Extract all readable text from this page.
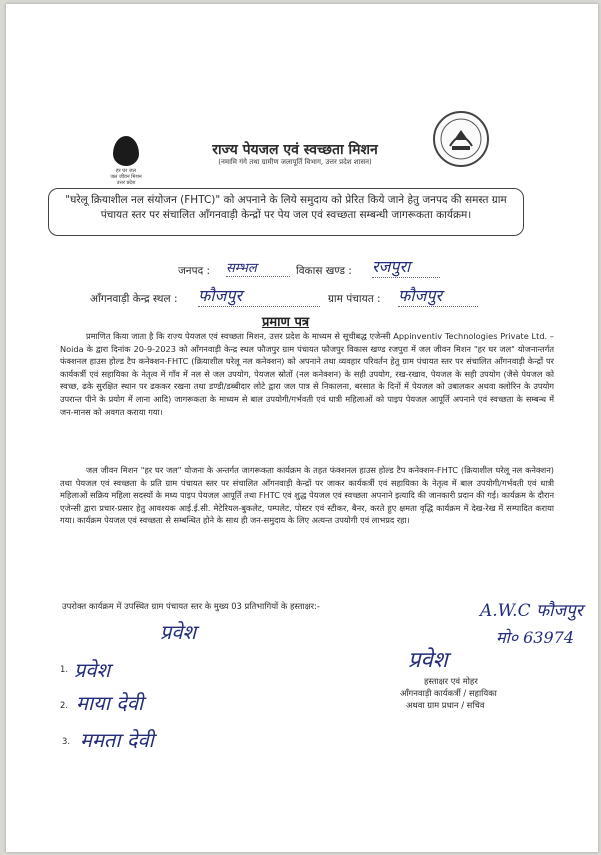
हर घर जल
जल जीवन मिशन
उत्तर प्रदेश
राज्य पेयजल एवं स्वच्छता मिशन
(नमामि गंगे तथा ग्रामीण जलापूर्ति विभाग, उत्तर प्रदेश शासन)
"घरेलू क्रियाशील नल संयोजन (FHTC)" को अपनाने के लिये समुदाय को प्रेरित किये जाने हेतु जनपद की समस्त ग्राम पंचायत स्तर पर संचालित आँगनवाड़ी केन्द्रों पर पेय जल एवं स्वच्छता सम्बन्धी जागरूकता कार्यक्रम।
जनपद : सम्भल	विकास खण्ड : रजपुरा
आँगनवाड़ी केन्द्र स्थल : फौजपुर	ग्राम पंचायत : फौजपुर
प्रमाण पत्र
प्रमाणित किया जाता है कि राज्य पेयजल एवं स्वच्छता मिशन, उत्तर प्रदेश के माध्यम से सूचीबद्ध एजेन्सी Appinventiv Technologies Private Ltd. – Noida के द्वारा दिनांक 20-9-2023 को आँगनवाड़ी केन्द्र स्थल फौजपुर ग्राम पंचायत फौजपुर विकास खण्ड रजपुरा में जल जीवन मिशन "हर घर जल" योजनान्तर्गत फंक्शनल हाउस होल्ड टैप कनेक्शन-FHTC (क्रियाशील घरेलू नल कनेक्शन) को अपनाने तथा व्यवहार परिवर्तन हेतु ग्राम पंचायत स्तर पर संचालित आँगनवाड़ी केन्द्रों पर कार्यकर्त्री एवं सहायिका के नेतृत्व में गाँव में नल से जल उपयोग, पेयजल स्रोतों (नल कनेक्शन) के सही उपयोग, रख-रखाव, पेयजल के सही उपयोग (जैसे पेयजल को स्वच्छ, ढके सुरक्षित स्थान पर ढककर रखना तथा डण्डी/डब्बीदार लोटे द्वारा जल पात्र से निकालना, बरसात के दिनों में पेयजल को उबालकर अथवा क्लोरिन के उपयोग उपरान्त पीने के प्रयोग में लाना आदि) जागरूकता के माध्यम से बाल उपयोगी/गर्भवती एवं धात्री महिलाओं को पाइप पेयजल आपूर्ति अपनाने एवं स्वच्छता के सम्बन्ध में जन-मानस को अवगत कराया गया।
जल जीवन मिशन "हर घर जल" योजना के अन्तर्गत जागरूकता कार्यक्रम के तहत फंक्शनल हाउस होल्ड टैप कनेक्शन-FHTC (क्रियाशील घरेलू नल कनेक्शन) तथा पेयजल एवं स्वच्छता के प्रति ग्राम पंचायत स्तर पर संचालित आँगनवाड़ी केन्द्रों पर जाकर कार्यकर्त्री एवं सहायिका के नेतृत्व में बाल उपयोगी/गर्भवती एवं धात्री महिलाओं सक्रिय महिला सदस्यों के मध्य पाइप पेयजल आपूर्ति तथा FHTC एवं शुद्ध पेयजल एवं स्वच्छता अपनाने इत्यादि की जानकारी प्रदान की गई। कार्यक्रम के दौरान एजेन्सी द्वारा प्रचार-प्रसार हेतु आवश्यक आई.ई.सी. मेटेरियल-बुकलेट, पम्पलेट, पोस्टर एवं स्टीकर, बैनर, करते हुए क्षमता वृद्धि कार्यक्रम में देख-रेख में सम्पादित कराया गया। कार्यक्रम पेयजल एवं स्वच्छता से सम्बन्धित होने के साथ ही जन-समुदाय के लिए अत्यन्त उपयोगी एवं लाभप्रद रहा।
उपरोक्त कार्यक्रम में उपस्थित ग्राम पंचायत स्तर के मुख्य 03 प्रतिभागियों के हस्ताक्षर:-
प्रवेश
1. प्रवेश
2. माया देवी
3. ममता देवी
प्रवेश
हस्ताक्षर एवं मोहर
आँगनवाड़ी कार्यकर्त्री / सहायिका
अथवा ग्राम प्रधान / सचिव
A.W.C फौजपुर
मो० 63974
